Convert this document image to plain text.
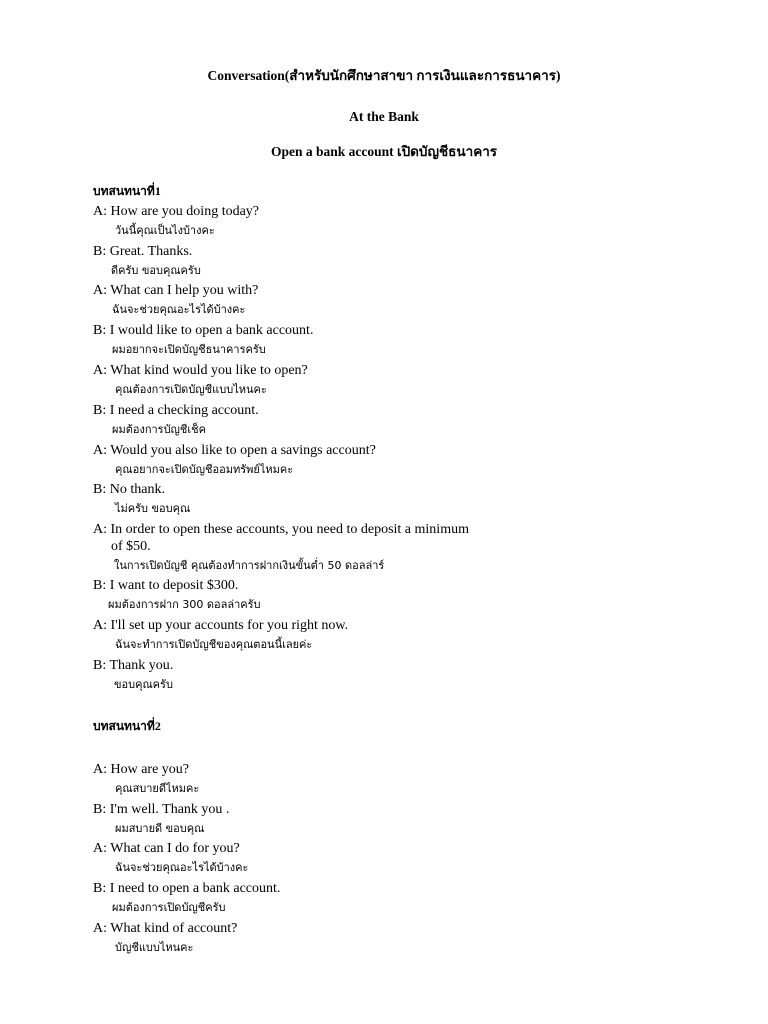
Conversation(สำหรับนักศึกษาสาขา การเงินและการธนาคาร)
At the Bank
Open a bank account เปิดบัญชีธนาคาร
บทสนทนาที่1
A: How are you doing today?
วันนี้คุณเป็นไงบ้างคะ
B: Great. Thanks.
ดีครับ ขอบคุณครับ
A: What can I help you with?
ฉันจะช่วยคุณอะไรได้บ้างคะ
B: I would like to open a bank account.
ผมอยากจะเปิดบัญชีธนาคารครับ
A: What kind would you like to open?
คุณต้องการเปิดบัญชีแบบไหนคะ
B: I need a checking account.
ผมต้องการบัญชีเช็ค
A: Would you also like to open a savings account?
คุณอยากจะเปิดบัญชีออมทรัพย์ไหมคะ
B: No thank.
ไม่ครับ ขอบคุณ
A: In order to open these accounts, you need to deposit a minimum
of $50.
ในการเปิดบัญชี คุณต้องทำการฝากเงินขั้นต่ำ 50 ดอลล่าร์
B: I want to deposit $300.
ผมต้องการฝาก 300 ดอลล่าครับ
A: I'll set up your accounts for you right now.
ฉันจะทำการเปิดบัญชีของคุณตอนนี้เลยค่ะ
B: Thank you.
ขอบคุณครับ
บทสนทนาที่2
A: How are you?
คุณสบายดีไหมคะ
B: I'm well. Thank you .
ผมสบายดี ขอบคุณ
A: What can I do for you?
ฉันจะช่วยคุณอะไรได้บ้างคะ
B: I need to open a bank account.
ผมต้องการเปิดบัญชีครับ
A: What kind of account?
บัญชีแบบไหนคะ
